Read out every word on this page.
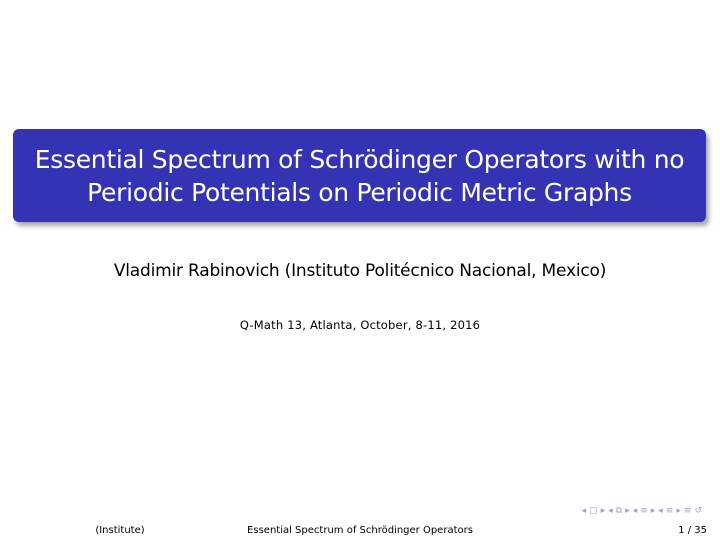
Essential Spectrum of Schrödinger Operators with no
Periodic Potentials on Periodic Metric Graphs
Vladimir Rabinovich (Instituto Politécnico Nacional, Mexico)
Q-Math 13, Atlanta, October, 8-11, 2016
◂ □ ▸ ◂ ⧉ ▸ ◂ ≡ ▸ ◂ ≡ ▸ ≡ ↺
(Institute)	Essential Spectrum of Schrödinger Operators	1 / 35
